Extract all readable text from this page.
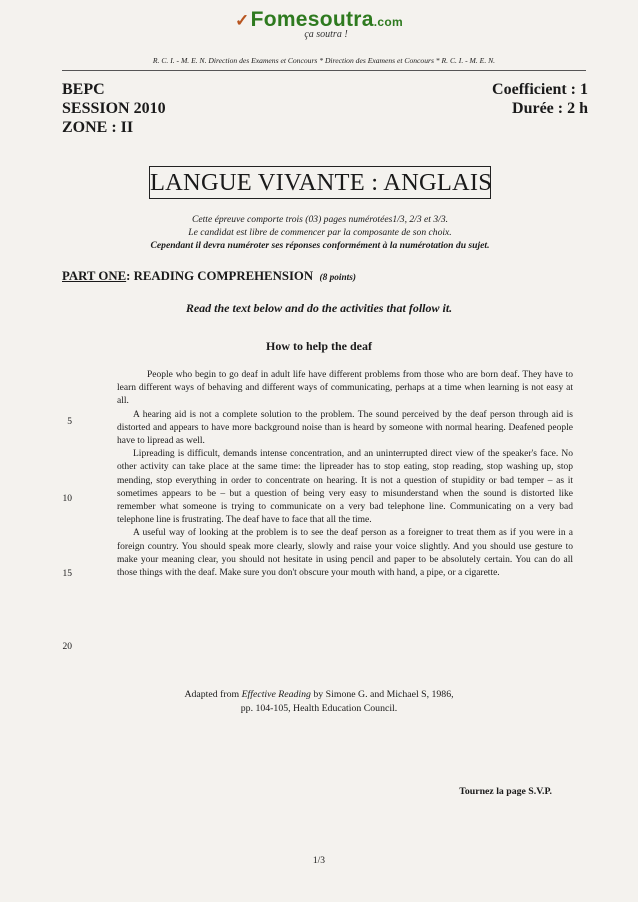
✓Fomesoutra.com
ça soutra !
R. C. I. - M. E. N. Direction des Examens et Concours * Direction des Examens et Concours * R. C. I. - M. E. N.
BEPC
SESSION 2010
ZONE : II
Coefficient : 1
Durée : 2 h
LANGUE VIVANTE : ANGLAIS
Cette épreuve comporte trois (03) pages numérotées1/3, 2/3 et 3/3.
Le candidat est libre de commencer par la composante de son choix.
Cependant il devra numéroter ses réponses conformément à la numérotation du sujet.
PART ONE: READING COMPREHENSION (8 points)
Read the text below and do the activities that follow it.
How to help the deaf
5
10
15
20

People who begin to go deaf in adult life have different problems from those who are born deaf. They have to learn different ways of behaving and different ways of communicating, perhaps at a time when learning is not easy at all.

A hearing aid is not a complete solution to the problem. The sound perceived by the deaf person through aid is distorted and appears to have more background noise than is heard by someone with normal hearing. Deafened people have to lipread as well.

Lipreading is difficult, demands intense concentration, and an uninterrupted direct view of the speaker's face. No other activity can take place at the same time: the lipreader has to stop eating, stop reading, stop washing up, stop mending, stop everything in order to concentrate on hearing. It is not a question of stupidity or bad temper – as it sometimes appears to be – but a question of being very easy to misunderstand when the sound is distorted like remember what someone is trying to communicate on a very bad telephone line. Communicating on a very bad telephone line is frustrating. The deaf have to face that all the time.

A useful way of looking at the problem is to see the deaf person as a foreigner to treat them as if you were in a foreign country. You should speak more clearly, slowly and raise your voice slightly. And you should use gesture to make your meaning clear, you should not hesitate in using pencil and paper to be absolutely certain. You can do all those things with the deaf. Make sure you don't obscure your mouth with hand, a pipe, or a cigarette.

Adapted from Effective Reading by Simone G. and Michael S, 1986,
pp. 104-105, Health Education Council.
Tournez la page S.V.P.
1/3
